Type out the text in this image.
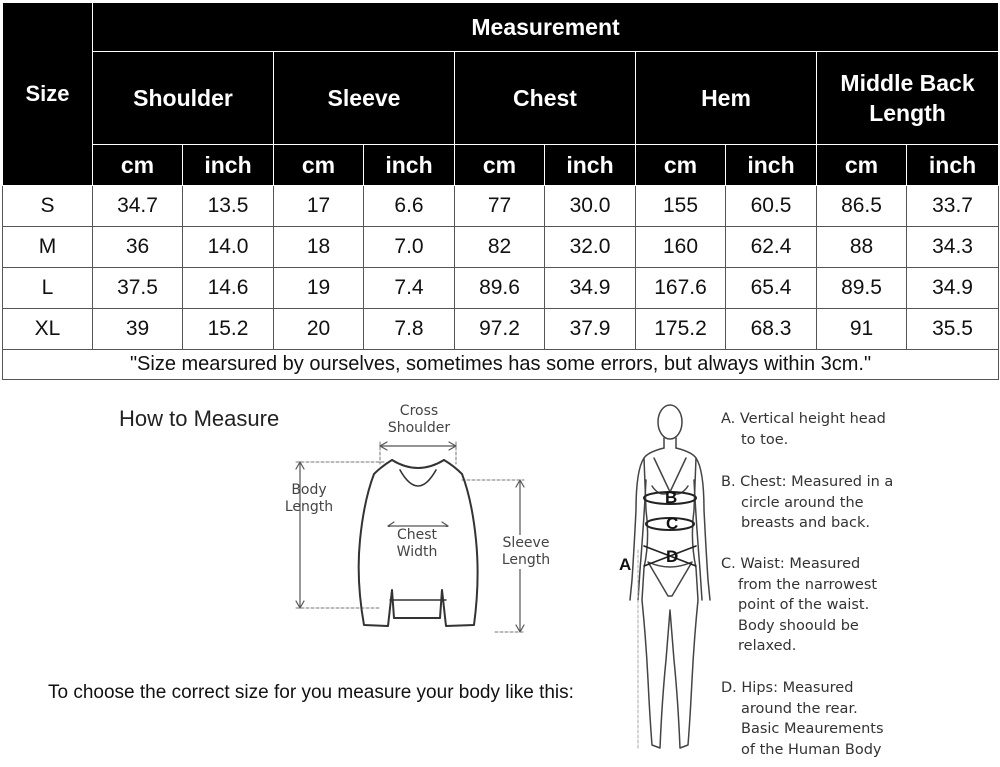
Size	Measurement									
	Shoulder		Sleeve		Chest		Hem		Middle Back Length	
	cm	inch	cm	inch	cm	inch	cm	inch	cm	inch
S	34.7	13.5	17	6.6	77	30.0	155	60.5	86.5	33.7
M	36	14.0	18	7.0	82	32.0	160	62.4	88	34.3
L	37.5	14.6	19	7.4	89.6	34.9	167.6	65.4	89.5	34.9
XL	39	15.2	20	7.8	97.2	37.9	175.2	68.3	91	35.5
"Size mearsured by ourselves, sometimes has some errors, but always within 3cm."										
How to Measure
To choose the correct size for you measure your body like this:
Cross Shoulder
Body Length
Chest Width
Sleeve Length
B
C
D
A
A. Vertical height head
to toe.
B. Chest: Measured in a
circle around the
breasts and back.
C. Waist: Measured
from the narrowest
point of the waist.
Body shoould be
relaxed.
D. Hips: Measured
around the rear.
Basic Meaurements
of the Human Body
